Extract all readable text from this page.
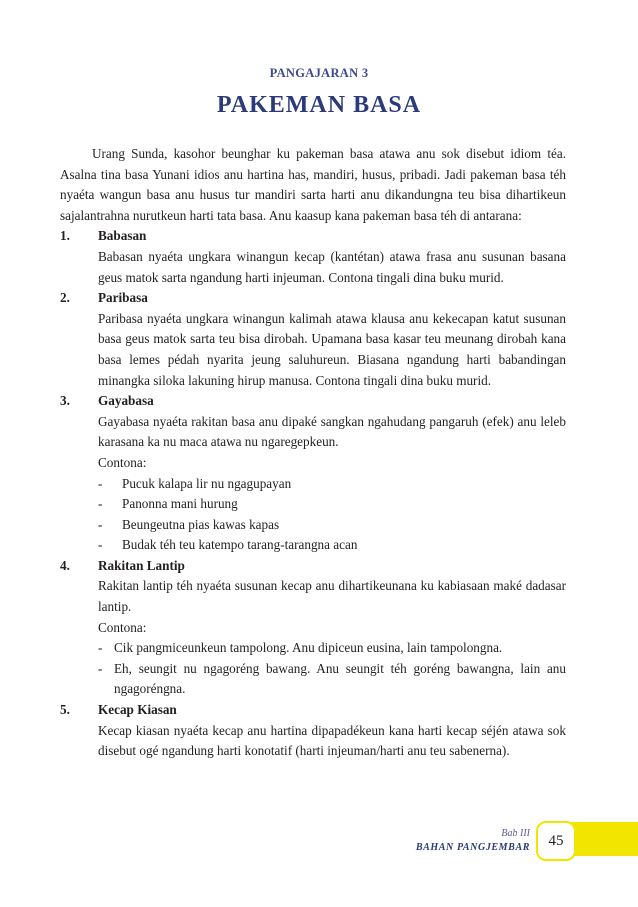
PANGAJARAN 3
PAKEMAN BASA

Urang Sunda, kasohor beunghar ku pakeman basa atawa anu sok disebut idiom téa. Asalna tina basa Yunani idios anu hartina has, mandiri, husus, pribadi. Jadi pakeman basa téh nyaéta wangun basa anu husus tur mandiri sarta harti anu dikandungna teu bisa dihartikeun sajalantrahna nurutkeun harti tata basa. Anu kaasup kana pakeman basa téh di antarana:

1. Babasan
Babasan nyaéta ungkara winangun kecap (kantétan) atawa frasa anu susunan basana geus matok sarta ngandung harti injeuman. Contona tingali dina buku murid.
2. Paribasa
Paribasa nyaéta ungkara winangun kalimah atawa klausa anu kekecapan katut susunan basa geus matok sarta teu bisa dirobah. Upamana basa kasar teu meunang dirobah kana basa lemes pédah nyarita jeung saluhureun. Biasana ngandung harti babandingan minangka siloka lakuning hirup manusa. Contona tingali dina buku murid.
3. Gayabasa
Gayabasa nyaéta rakitan basa anu dipaké sangkan ngahudang pangaruh (efek) anu leleb karasana ka nu maca atawa nu ngaregepkeun.
Contona:
- Pucuk kalapa lir nu ngagupayan
- Panonna mani hurung
- Beungeutna pias kawas kapas
- Budak téh teu katempo tarang-tarangna acan
4. Rakitan Lantip
Rakitan lantip téh nyaéta susunan kecap anu dihartikeunana ku kabiasaan maké dadasar lantip.
Contona:
- Cik pangmiceunkeun tampolong. Anu dipiceun eusina, lain tampolongna.
- Eh, seungit nu ngagoréng bawang. Anu seungit téh goréng bawangna, lain anu ngagoréngna.
5. Kecap Kiasan
Kecap kiasan nyaéta kecap anu hartina dipapadékeun kana harti kecap séjén atawa sok disebut ogé ngandung harti konotatif (harti injeuman/harti anu teu sabenerna).
Bab III
BAHAN PANGJEMBAR	45
